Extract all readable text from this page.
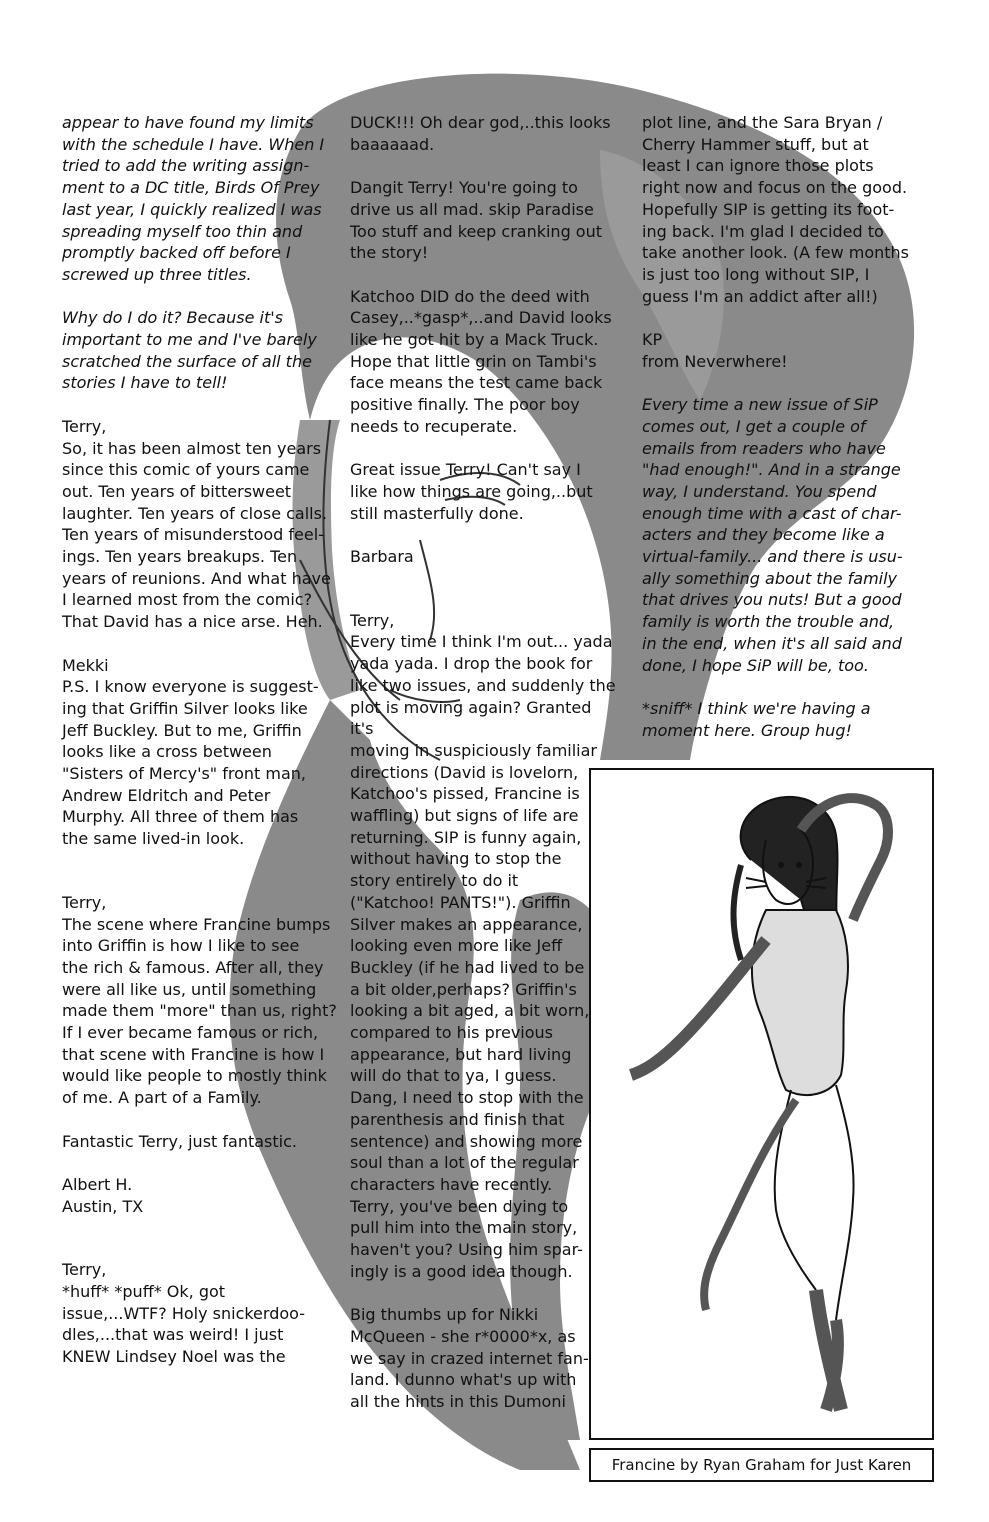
appear to have found my limits
with the schedule I have. When I
tried to add the writing assign-
ment to a DC title, Birds Of Prey
last year, I quickly realized I was
spreading myself too thin and
promptly backed off before I
screwed up three titles.

Why do I do it? Because it's
important to me and I've barely
scratched the surface of all the
stories I have to tell!

Terry,
So, it has been almost ten years
since this comic of yours came
out. Ten years of bittersweet
laughter. Ten years of close calls.
Ten years of misunderstood feel-
ings. Ten years breakups. Ten
years of reunions. And what have
I learned most from the comic?
That David has a nice arse. Heh.

Mekki
P.S. I know everyone is suggest-
ing that Griffin Silver looks like
Jeff Buckley. But to me, Griffin
looks like a cross between
"Sisters of Mercy's" front man,
Andrew Eldritch and Peter
Murphy. All three of them has
the same lived-in look.

Terry,
The scene where Francine bumps
into Griffin is how I like to see
the rich & famous. After all, they
were all like us, until something
made them "more" than us, right?
If I ever became famous or rich,
that scene with Francine is how I
would like people to mostly think
of me. A part of a Family.

Fantastic Terry, just fantastic.

Albert H.
Austin, TX

Terry,
*huff* *puff* Ok, got
issue,...WTF? Holy snickerdoo-
dles,...that was weird! I just
KNEW Lindsey Noel was the

DUCK!!! Oh dear god,..this looks
baaaaaad.

Dangit Terry! You're going to
drive us all mad. skip Paradise
Too stuff and keep cranking out
the story!

Katchoo DID do the deed with
Casey,..*gasp*,..and David looks
like he got hit by a Mack Truck.
Hope that little grin on Tambi's
face means the test came back
positive finally. The poor boy
needs to recuperate.

Great issue Terry! Can't say I
like how things are going,..but
still masterfully done.

Barbara

Terry,
Every time I think I'm out... yada
yada yada. I drop the book for
like two issues, and suddenly the
plot is moving again? Granted it's
moving in suspiciously familiar
directions (David is lovelorn,
Katchoo's pissed, Francine is
waffling) but signs of life are
returning. SIP is funny again,
without having to stop the
story entirely to do it
("Katchoo! PANTS!"). Griffin
Silver makes an appearance,
looking even more like Jeff
Buckley (if he had lived to be
a bit older,perhaps? Griffin's
looking a bit aged, a bit worn,
compared to his previous
appearance, but hard living
will do that to ya, I guess.
Dang, I need to stop with the
parenthesis and finish that
sentence) and showing more
soul than a lot of the regular
characters have recently.
Terry, you've been dying to
pull him into the main story,
haven't you? Using him spar-
ingly is a good idea though.

Big thumbs up for Nikki
McQueen - she r*0000*x, as
we say in crazed internet fan-
land. I dunno what's up with
all the hints in this Dumoni

plot line, and the Sara Bryan /
Cherry Hammer stuff, but at
least I can ignore those plots
right now and focus on the good.
Hopefully SIP is getting its foot-
ing back. I'm glad I decided to
take another look. (A few months
is just too long without SIP, I
guess I'm an addict after all!)

KP
from Neverwhere!

Every time a new issue of SiP
comes out, I get a couple of
emails from readers who have
"had enough!". And in a strange
way, I understand. You spend
enough time with a cast of char-
acters and they become like a
virtual-family... and there is usu-
ally something about the family
that drives you nuts! But a good
family is worth the trouble and,
in the end, when it's all said and
done, I hope SiP will be, too.

*sniff* I think we're having a
moment here. Group hug!

Francine by Ryan Graham for Just Karen
